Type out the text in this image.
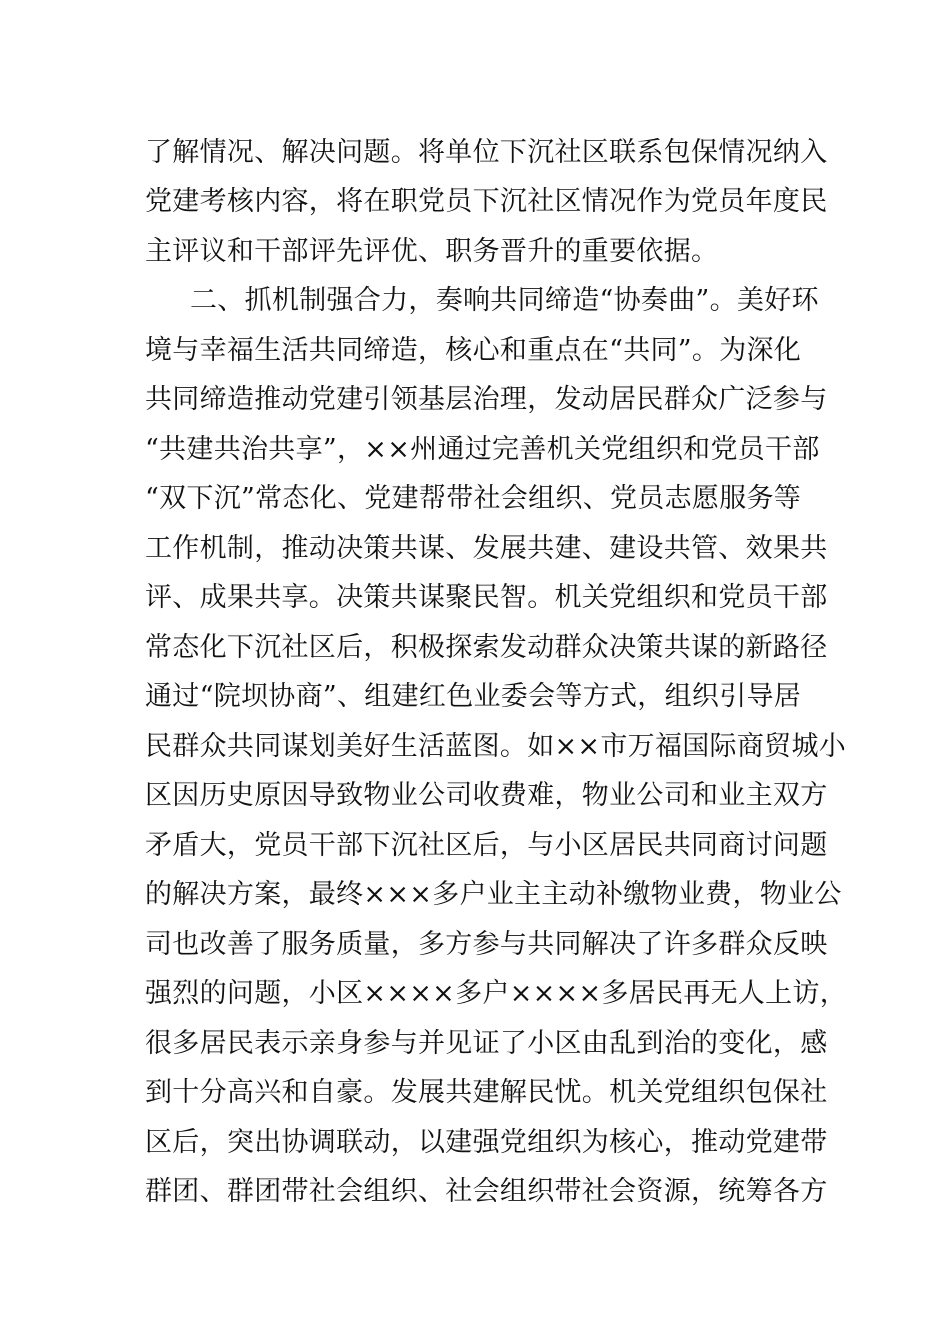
了解情况、解决问题。将单位下沉社区联系包保情况纳入
党建考核内容，将在职党员下沉社区情况作为党员年度民
主评议和干部评先评优、职务晋升的重要依据。
二、抓机制强合力，奏响共同缔造“协奏曲”。美好环
境与幸福生活共同缔造，核心和重点在“共同”。为深化
共同缔造推动党建引领基层治理，发动居民群众广泛参与
“共建共治共享”，××州通过完善机关党组织和党员干部
“双下沉”常态化、党建帮带社会组织、党员志愿服务等
工作机制，推动决策共谋、发展共建、建设共管、效果共
评、成果共享。决策共谋聚民智。机关党组织和党员干部
常态化下沉社区后，积极探索发动群众决策共谋的新路径
通过“院坝协商”、组建红色业委会等方式，组织引导居
民群众共同谋划美好生活蓝图。如××市万福国际商贸城小
区因历史原因导致物业公司收费难，物业公司和业主双方
矛盾大，党员干部下沉社区后，与小区居民共同商讨问题
的解决方案，最终×××多户业主主动补缴物业费，物业公
司也改善了服务质量，多方参与共同解决了许多群众反映
强烈的问题，小区××××多户××××多居民再无人上访，
很多居民表示亲身参与并见证了小区由乱到治的变化，感
到十分高兴和自豪。发展共建解民忧。机关党组织包保社
区后，突出协调联动，以建强党组织为核心，推动党建带
群团、群团带社会组织、社会组织带社会资源，统筹各方
